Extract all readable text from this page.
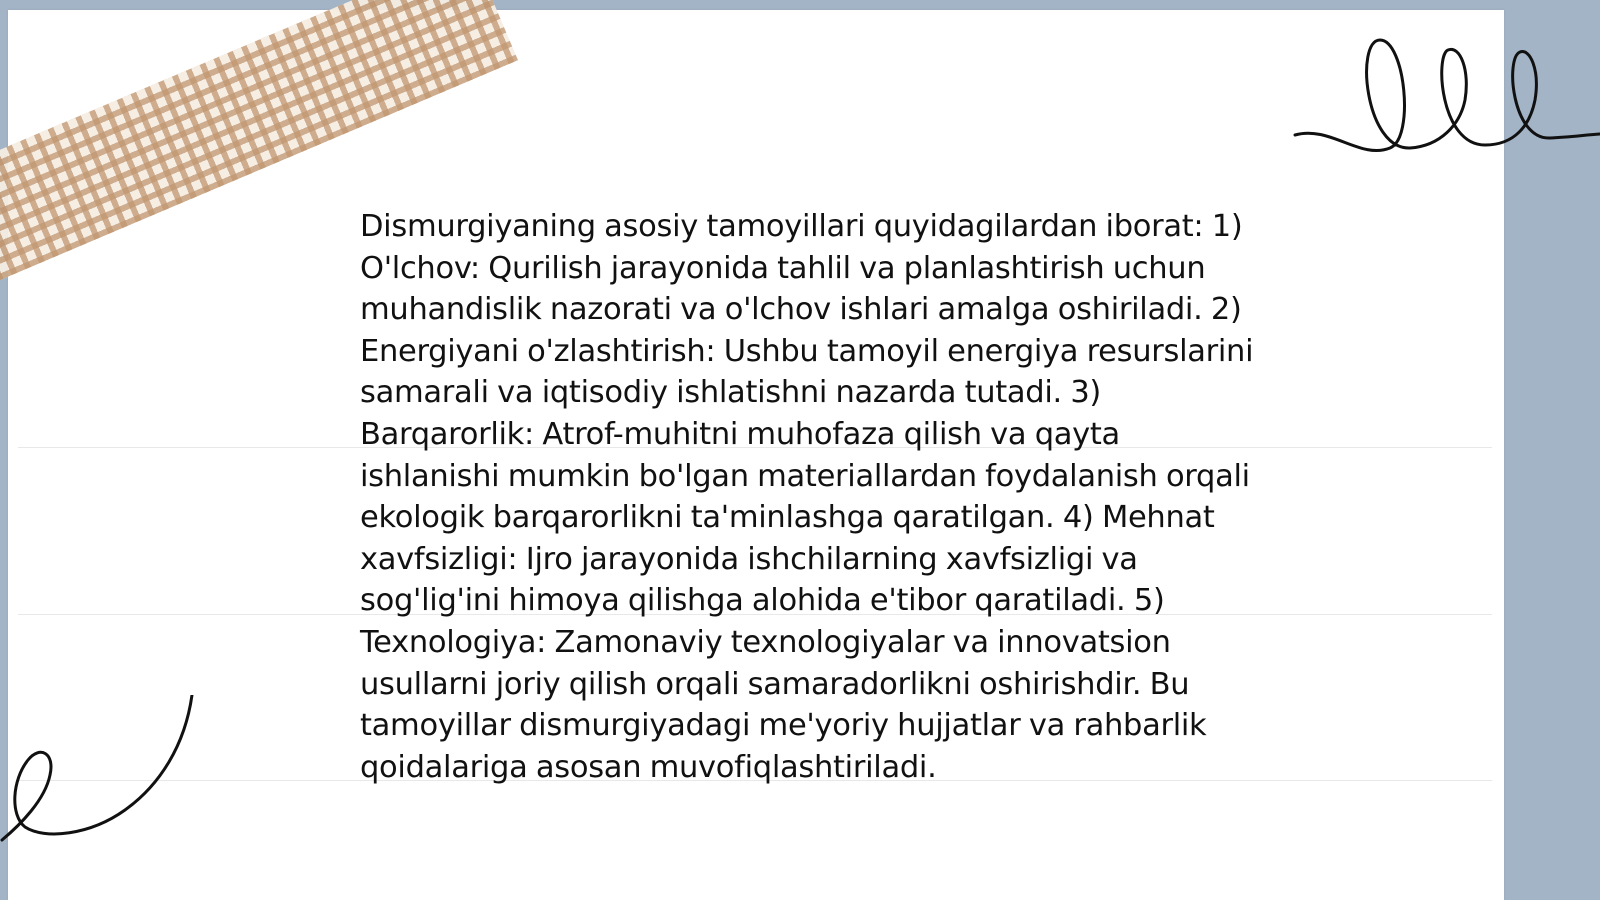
Dismurgiyaning asosiy tamoyillari quyidagilardan iborat: 1) O'lchov: Qurilish jarayonida tahlil va planlashtirish uchun muhandislik nazorati va o'lchov ishlari amalga oshiriladi. 2) Energiyani o'zlashtirish: Ushbu tamoyil energiya resurslarini samarali va iqtisodiy ishlatishni nazarda tutadi. 3) Barqarorlik: Atrof-muhitni muhofaza qilish va qayta ishlanishi mumkin bo'lgan materiallardan foydalanish orqali ekologik barqarorlikni ta'minlashga qaratilgan. 4) Mehnat xavfsizligi: Ijro jarayonida ishchilarning xavfsizligi va sog'lig'ini himoya qilishga alohida e'tibor qaratiladi. 5) Texnologiya: Zamonaviy texnologiyalar va innovatsion usullarni joriy qilish orqali samaradorlikni oshirishdir. Bu tamoyillar dismurgiyadagi me'yoriy hujjatlar va rahbarlik qoidalariga asosan muvofiqlashtiriladi.
